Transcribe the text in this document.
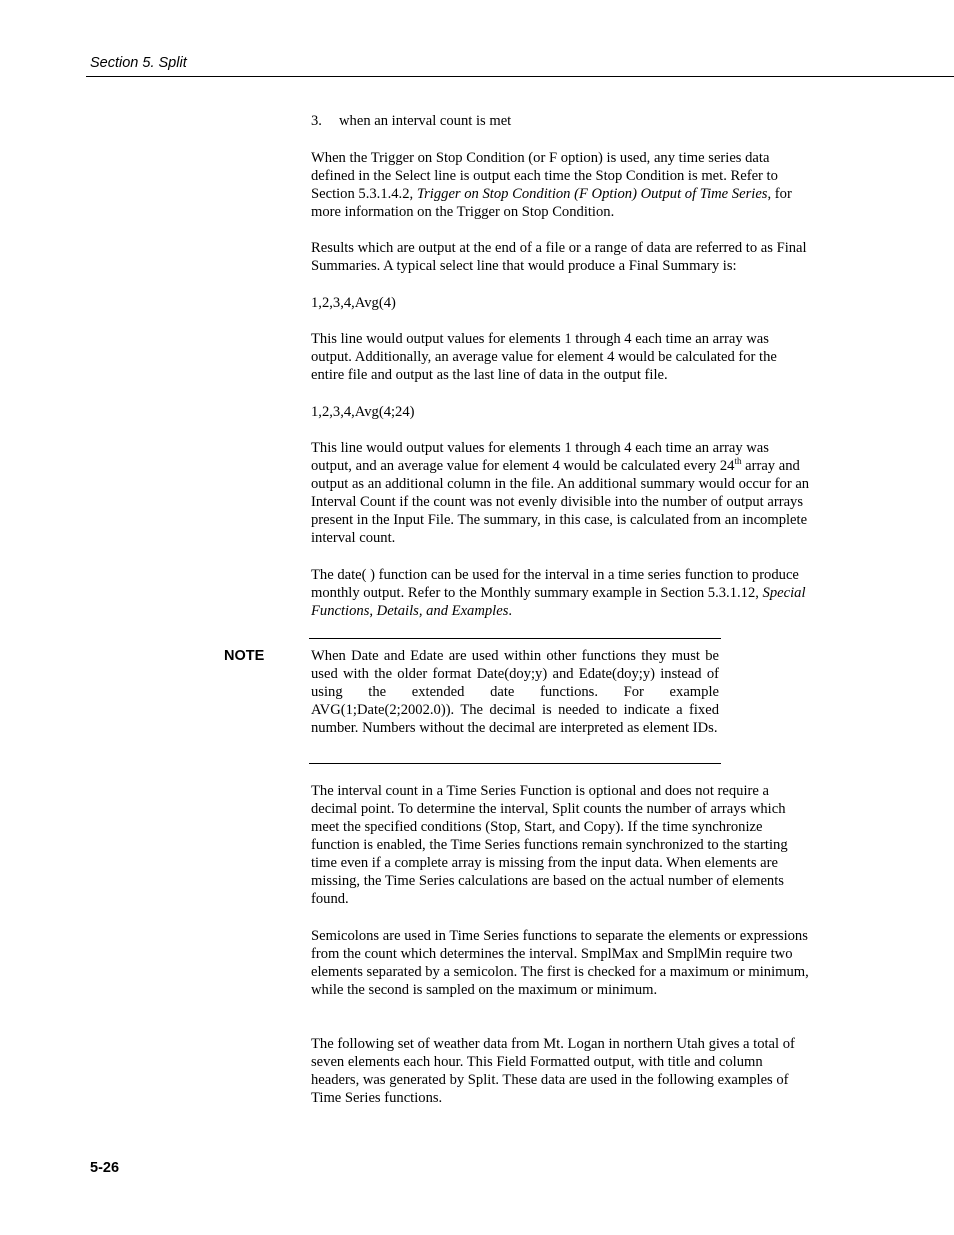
Section 5. Split
3. when an interval count is met

When the Trigger on Stop Condition (or F option) is used, any time series data defined in the Select line is output each time the Stop Condition is met. Refer to Section 5.3.1.4.2, Trigger on Stop Condition (F Option) Output of Time Series, for more information on the Trigger on Stop Condition.

Results which are output at the end of a file or a range of data are referred to as Final Summaries. A typical select line that would produce a Final Summary is:

1,2,3,4,Avg(4)

This line would output values for elements 1 through 4 each time an array was output. Additionally, an average value for element 4 would be calculated for the entire file and output as the last line of data in the output file.

1,2,3,4,Avg(4;24)

This line would output values for elements 1 through 4 each time an array was output, and an average value for element 4 would be calculated every 24th array and output as an additional column in the file. An additional summary would occur for an Interval Count if the count was not evenly divisible into the number of output arrays present in the Input File. The summary, in this case, is calculated from an incomplete interval count.

The date( ) function can be used for the interval in a time series function to produce monthly output. Refer to the Monthly summary example in Section 5.3.1.12, Special Functions, Details, and Examples.

NOTE	When Date and Edate are used within other functions they must be used with the older format Date(doy;y) and Edate(doy;y) instead of using the extended date functions. For example AVG(1;Date(2;2002.0)). The decimal is needed to indicate a fixed number. Numbers without the decimal are interpreted as element IDs.

The interval count in a Time Series Function is optional and does not require a decimal point. To determine the interval, Split counts the number of arrays which meet the specified conditions (Stop, Start, and Copy). If the time synchronize function is enabled, the Time Series functions remain synchronized to the starting time even if a complete array is missing from the input data. When elements are missing, the Time Series calculations are based on the actual number of elements found.

Semicolons are used in Time Series functions to separate the elements or expressions from the count which determines the interval. SmplMax and SmplMin require two elements separated by a semicolon. The first is checked for a maximum or minimum, while the second is sampled on the maximum or minimum.

The following set of weather data from Mt. Logan in northern Utah gives a total of seven elements each hour. This Field Formatted output, with title and column headers, was generated by Split. These data are used in the following examples of Time Series functions.

5-26
